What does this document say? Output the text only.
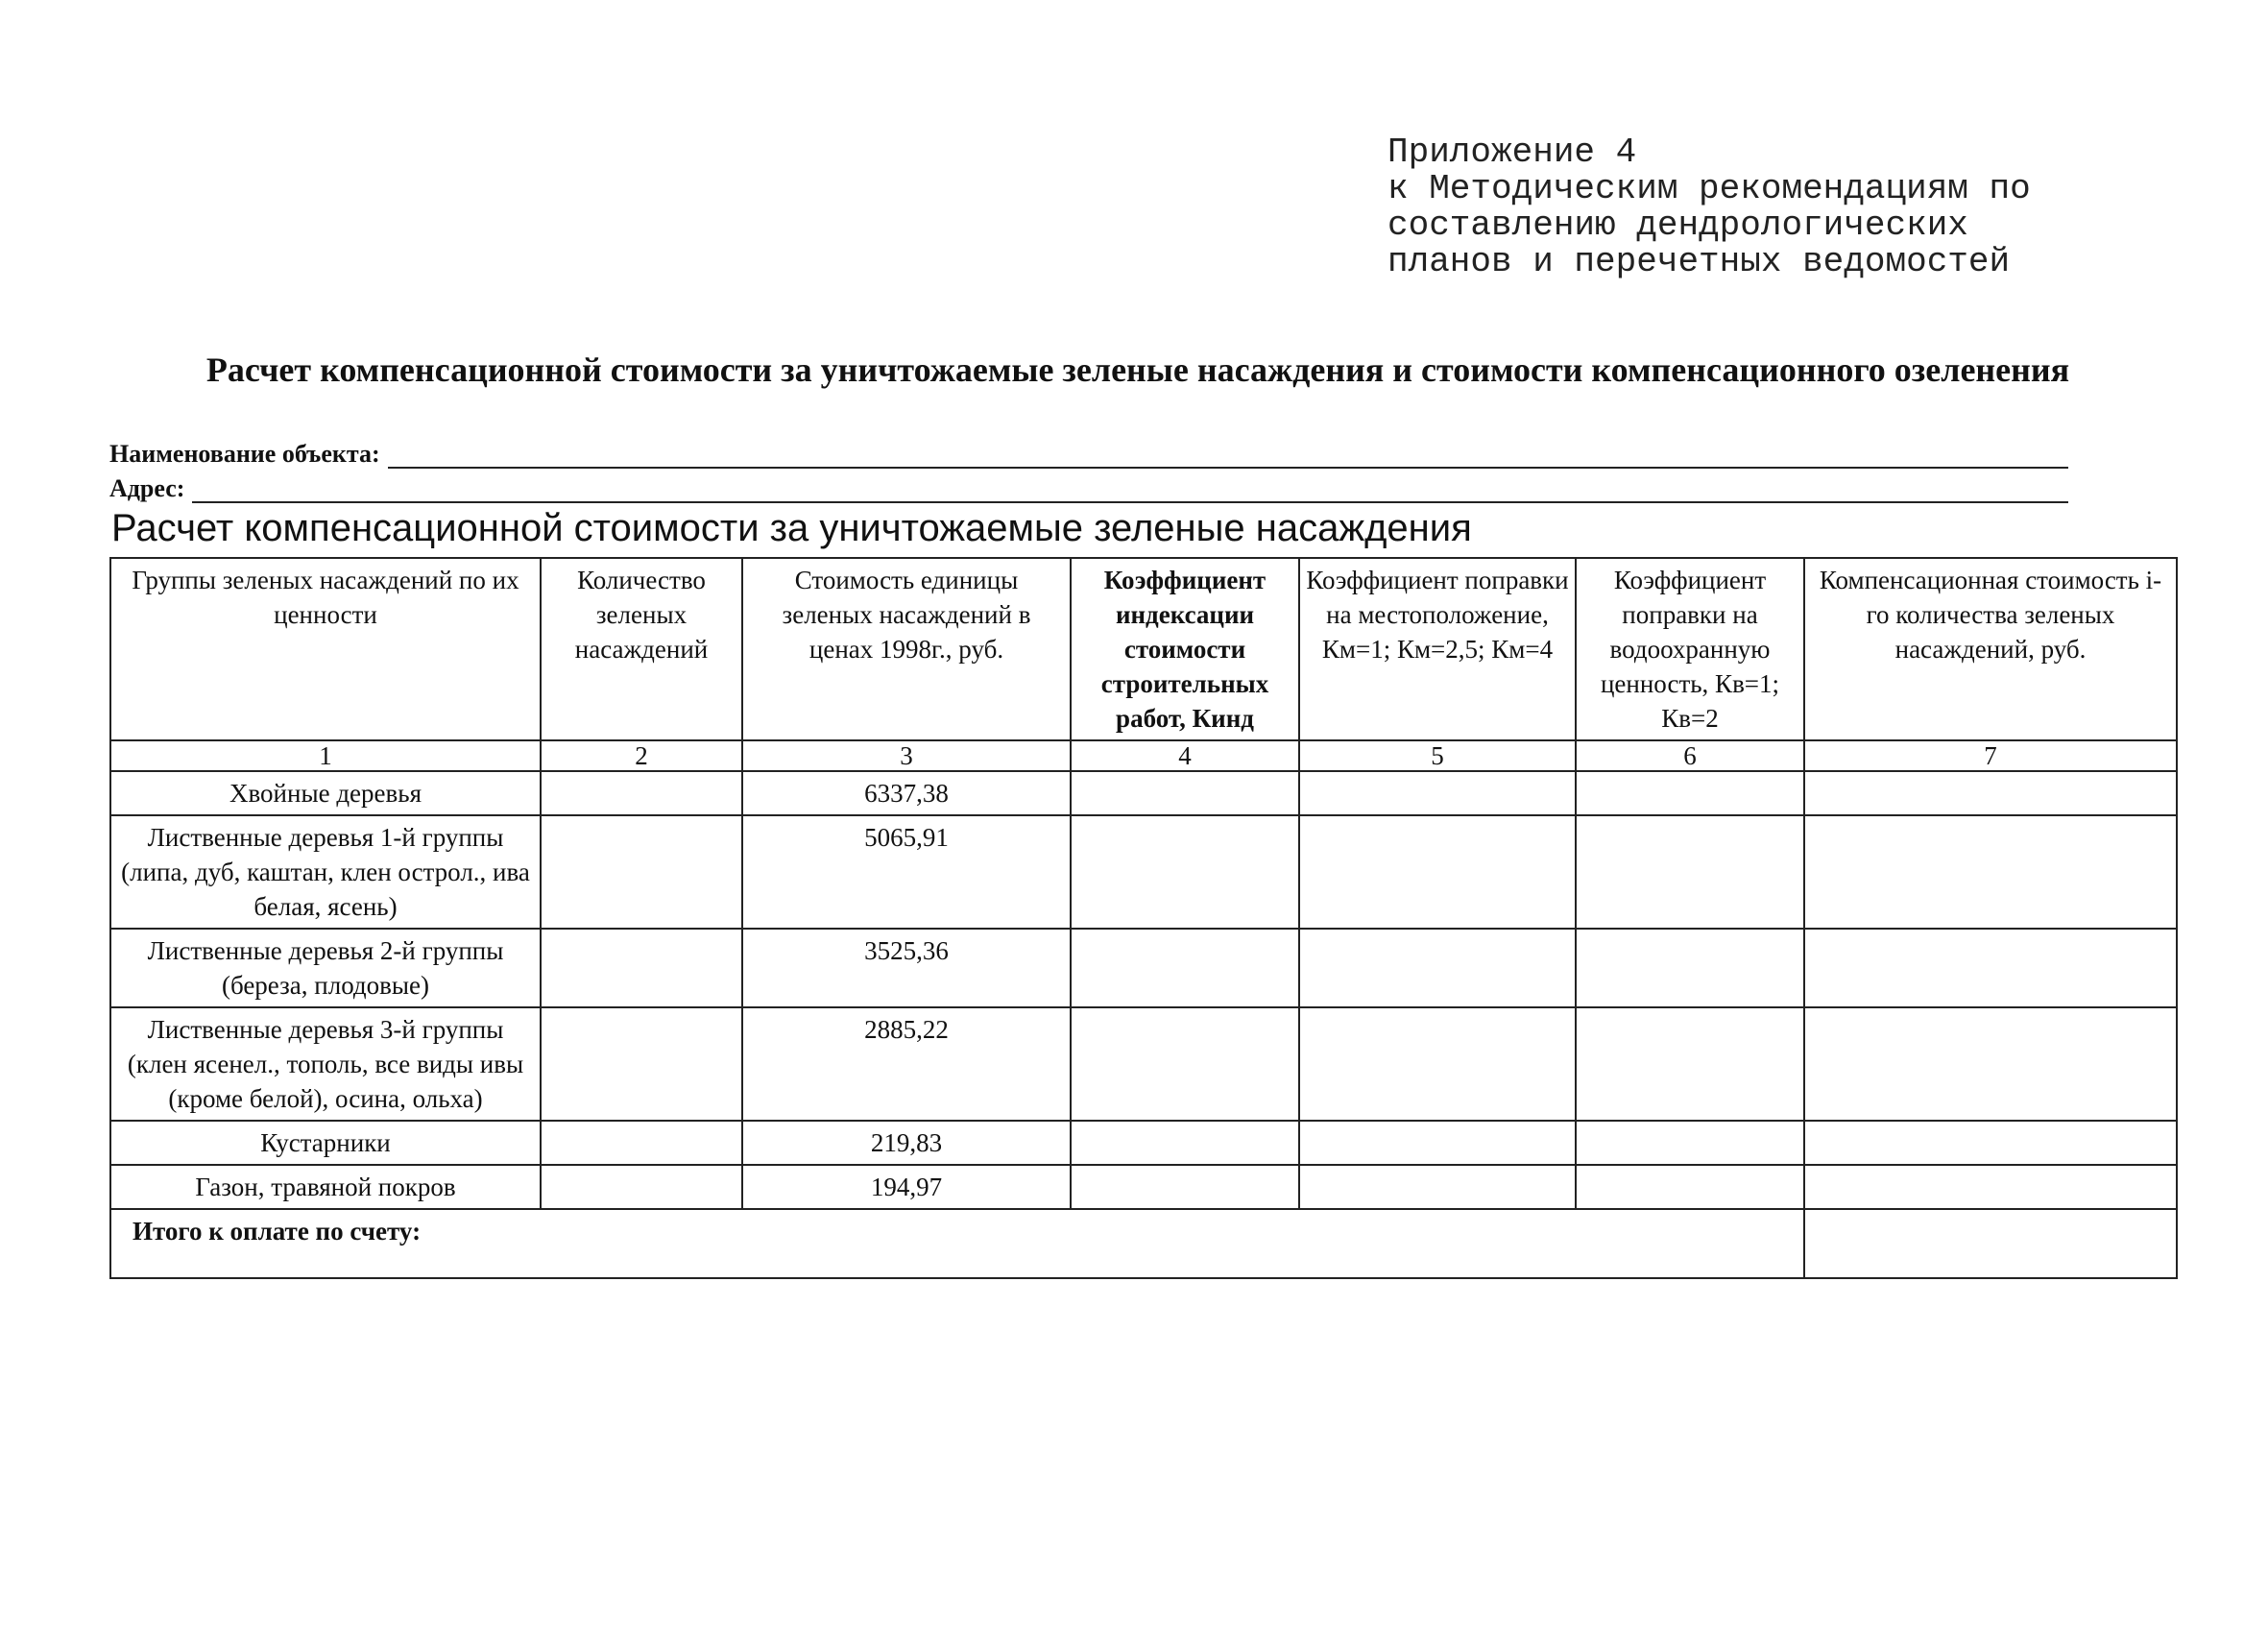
Приложение 4
к Методическим рекомендациям по
составлению дендрологических
планов и перечетных ведомостей
Расчет компенсационной стоимости за уничтожаемые зеленые насаждения и стоимости компенсационного озеленения
Наименование объекта:
Адрес:
Расчет компенсационной стоимости за уничтожаемые зеленые насаждения
Группы зеленых насаждений по их ценности	Количество зеленых насаждений	Стоимость единицы зеленых насаждений в ценах 1998г., руб.	Коэффициент индексации стоимости строительных работ, Кинд	Коэффициент поправки на местоположение, Км=1; Км=2,5; Км=4	Коэффициент поправки на водоохранную ценность, Кв=1; Кв=2	Компенсационная стоимость i-го количества зеленых насаждений, руб.
1	2	3	4	5	6	7
Хвойные деревья		6337,38				
Лиственные деревья 1-й группы (липа, дуб, каштан, клен острол., ива белая, ясень)		5065,91				
Лиственные деревья 2-й группы (береза, плодовые)		3525,36				
Лиственные деревья 3-й группы (клен ясенел., тополь, все виды ивы (кроме белой), осина, ольха)		2885,22				
Кустарники		219,83				
Газон, травяной покров		194,97				
Итого к оплате по счету:						
